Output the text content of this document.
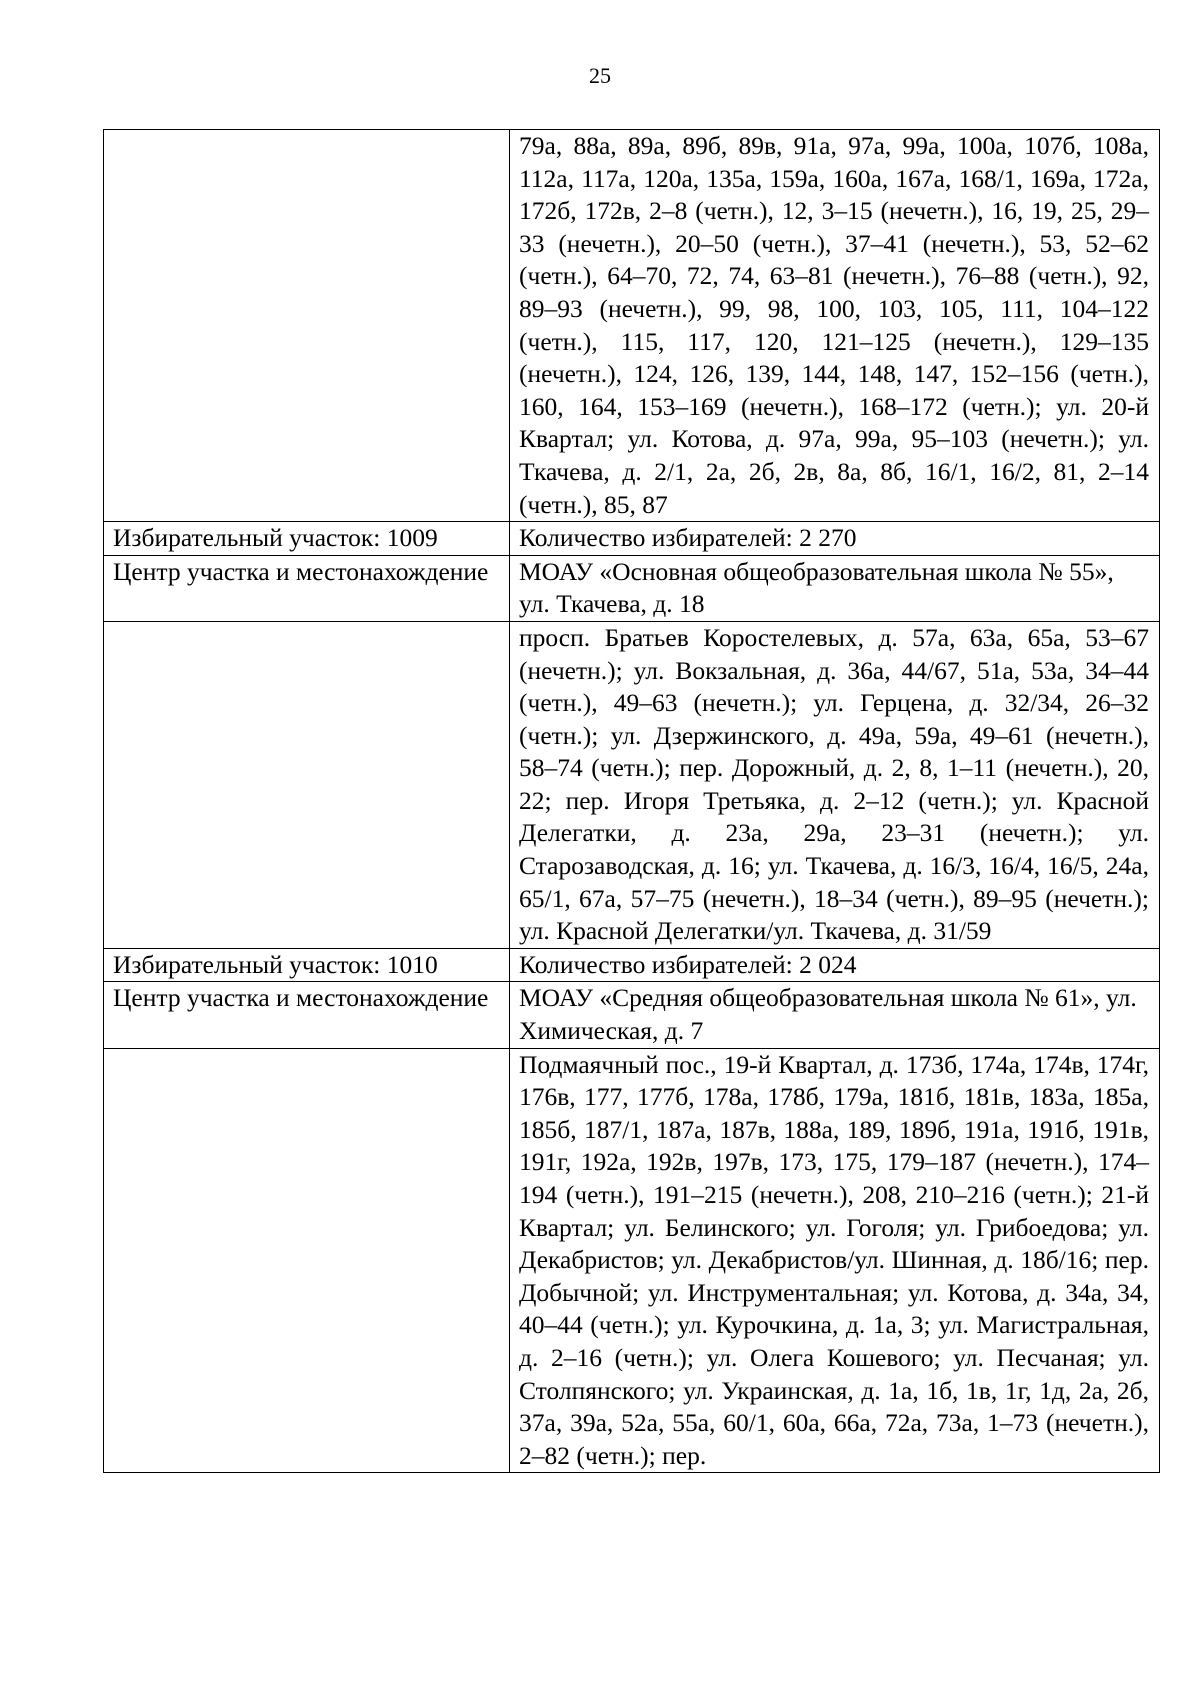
25
	79а, 88а, 89а, 89б, 89в, 91а, 97а, 99а, 100а, 107б, 108а, 112а, 117а, 120а, 135а, 159а, 160а, 167а, 168/1, 169а, 172а, 172б, 172в, 2–8 (четн.), 12, 3–15 (нечетн.), 16, 19, 25, 29–33 (нечетн.), 20–50 (четн.), 37–41 (нечетн.), 53, 52–62 (четн.), 64–70, 72, 74, 63–81 (нечетн.), 76–88 (четн.), 92, 89–93 (нечетн.), 99, 98, 100, 103, 105, 111, 104–122 (четн.), 115, 117, 120, 121–125 (нечетн.), 129–135 (нечетн.), 124, 126, 139, 144, 148, 147, 152–156 (четн.), 160, 164, 153–169 (нечетн.), 168–172 (четн.); ул. 20-й Квартал; ул. Котова, д. 97а, 99а, 95–103 (нечетн.); ул. Ткачева, д. 2/1, 2а, 2б, 2в, 8а, 8б, 16/1, 16/2, 81, 2–14 (четн.), 85, 87
Избирательный участок: 1009	Количество избирателей: 2 270
Центр участка и местонахождение	МОАУ «Основная общеобразовательная школа № 55», ул. Ткачева, д. 18
	просп. Братьев Коростелевых, д. 57а, 63а, 65а, 53–67 (нечетн.); ул. Вокзальная, д. 36а, 44/67, 51а, 53а, 34–44 (четн.), 49–63 (нечетн.); ул. Герцена, д. 32/34, 26–32 (четн.); ул. Дзержинского, д. 49а, 59а, 49–61 (нечетн.), 58–74 (четн.); пер. Дорожный, д. 2, 8, 1–11 (нечетн.), 20, 22; пер. Игоря Третьяка, д. 2–12 (четн.); ул. Красной Делегатки, д. 23а, 29а, 23–31 (нечетн.); ул. Старозаводская, д. 16; ул. Ткачева, д. 16/3, 16/4, 16/5, 24а, 65/1, 67а, 57–75 (нечетн.), 18–34 (четн.), 89–95 (нечетн.); ул. Красной Делегатки/ул. Ткачева, д. 31/59
Избирательный участок: 1010	Количество избирателей: 2 024
Центр участка и местонахождение	МОАУ «Средняя общеобразовательная школа № 61», ул. Химическая, д. 7
	Подмаячный пос., 19-й Квартал, д. 173б, 174а, 174в, 174г, 176в, 177, 177б, 178а, 178б, 179а, 181б, 181в, 183а, 185а, 185б, 187/1, 187а, 187в, 188а, 189, 189б, 191а, 191б, 191в, 191г, 192а, 192в, 197в, 173, 175, 179–187 (нечетн.), 174–194 (четн.), 191–215 (нечетн.), 208, 210–216 (четн.); 21-й Квартал; ул. Белинского; ул. Гоголя; ул. Грибоедова; ул. Декабристов; ул. Декабристов/ул. Шинная, д. 18б/16; пер. Добычной; ул. Инструментальная; ул. Котова, д. 34а, 34, 40–44 (четн.); ул. Курочкина, д. 1а, 3; ул. Магистральная, д. 2–16 (четн.); ул. Олега Кошевого; ул. Песчаная; ул. Столпянского; ул. Украинская, д. 1а, 1б, 1в, 1г, 1д, 2а, 2б, 37а, 39а, 52а, 55а, 60/1, 60а, 66а, 72а, 73а, 1–73 (нечетн.), 2–82 (четн.); пер.
